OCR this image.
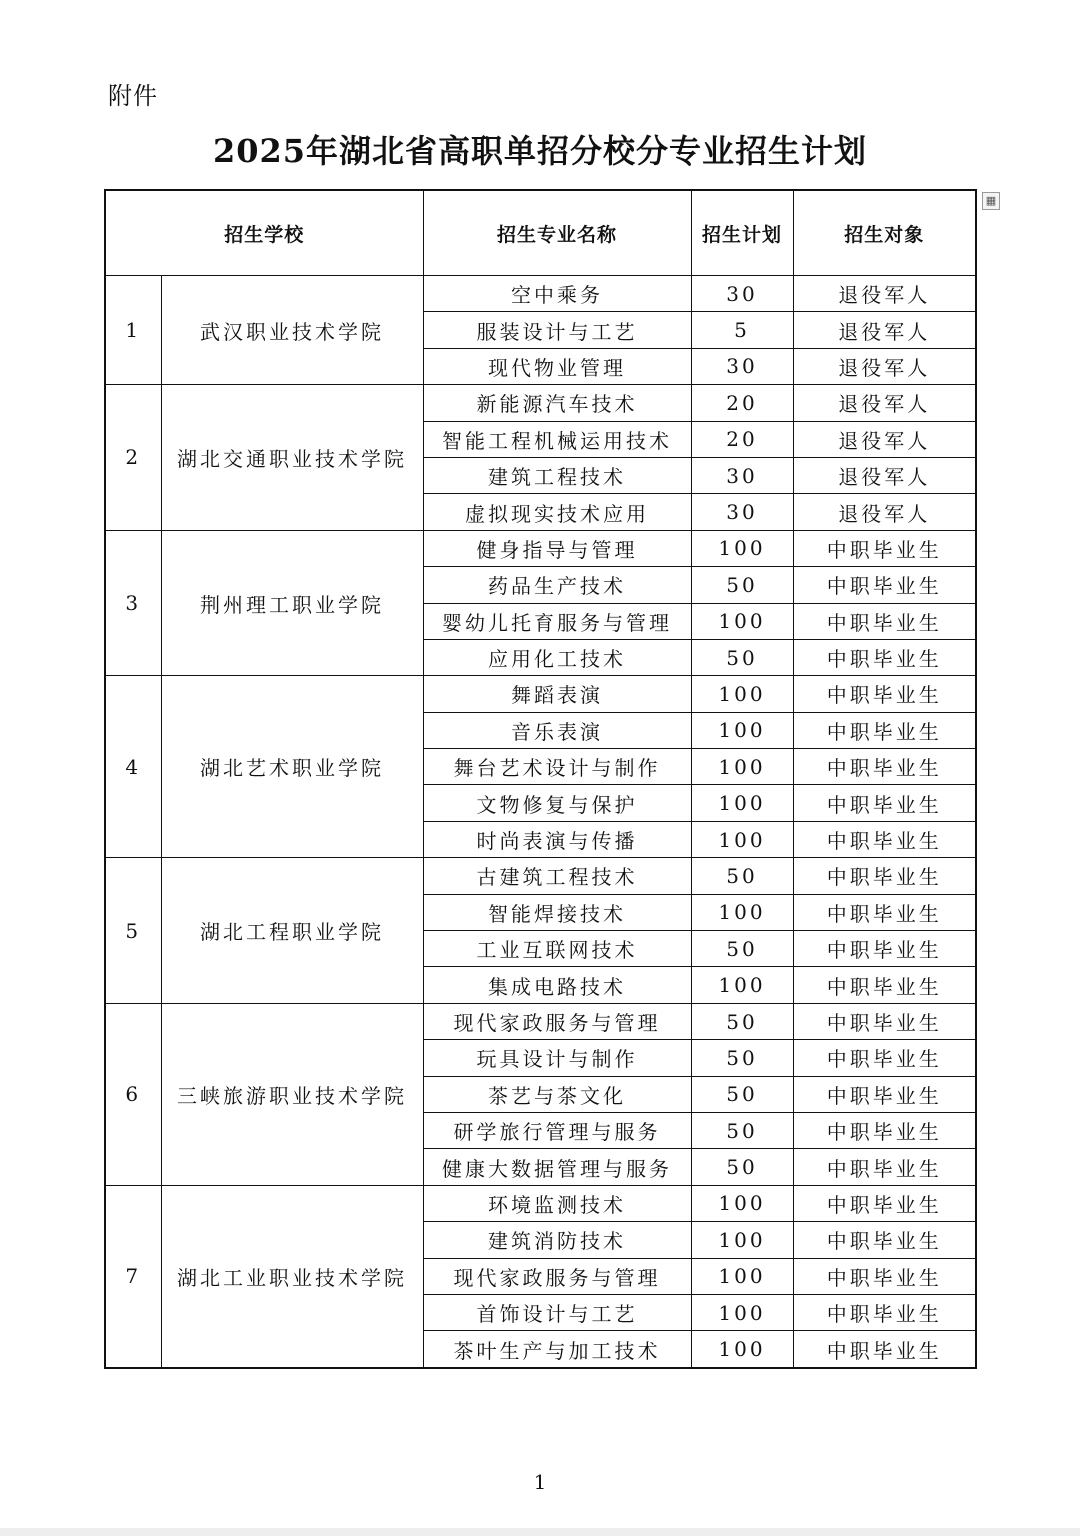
附件
2025年湖北省高职单招分校分专业招生计划
▦
招生学校		招生专业名称	招生计划	招生对象
1	武汉职业技术学院	空中乘务	30	退役军人
		服装设计与工艺	5	退役军人
		现代物业管理	30	退役军人
2	湖北交通职业技术学院	新能源汽车技术	20	退役军人
		智能工程机械运用技术	20	退役军人
		建筑工程技术	30	退役军人
		虚拟现实技术应用	30	退役军人
3	荆州理工职业学院	健身指导与管理	100	中职毕业生
		药品生产技术	50	中职毕业生
		婴幼儿托育服务与管理	100	中职毕业生
		应用化工技术	50	中职毕业生
4	湖北艺术职业学院	舞蹈表演	100	中职毕业生
		音乐表演	100	中职毕业生
		舞台艺术设计与制作	100	中职毕业生
		文物修复与保护	100	中职毕业生
		时尚表演与传播	100	中职毕业生
5	湖北工程职业学院	古建筑工程技术	50	中职毕业生
		智能焊接技术	100	中职毕业生
		工业互联网技术	50	中职毕业生
		集成电路技术	100	中职毕业生
6	三峡旅游职业技术学院	现代家政服务与管理	50	中职毕业生
		玩具设计与制作	50	中职毕业生
		茶艺与茶文化	50	中职毕业生
		研学旅行管理与服务	50	中职毕业生
		健康大数据管理与服务	50	中职毕业生
7	湖北工业职业技术学院	环境监测技术	100	中职毕业生
		建筑消防技术	100	中职毕业生
		现代家政服务与管理	100	中职毕业生
		首饰设计与工艺	100	中职毕业生
		茶叶生产与加工技术	100	中职毕业生
1
